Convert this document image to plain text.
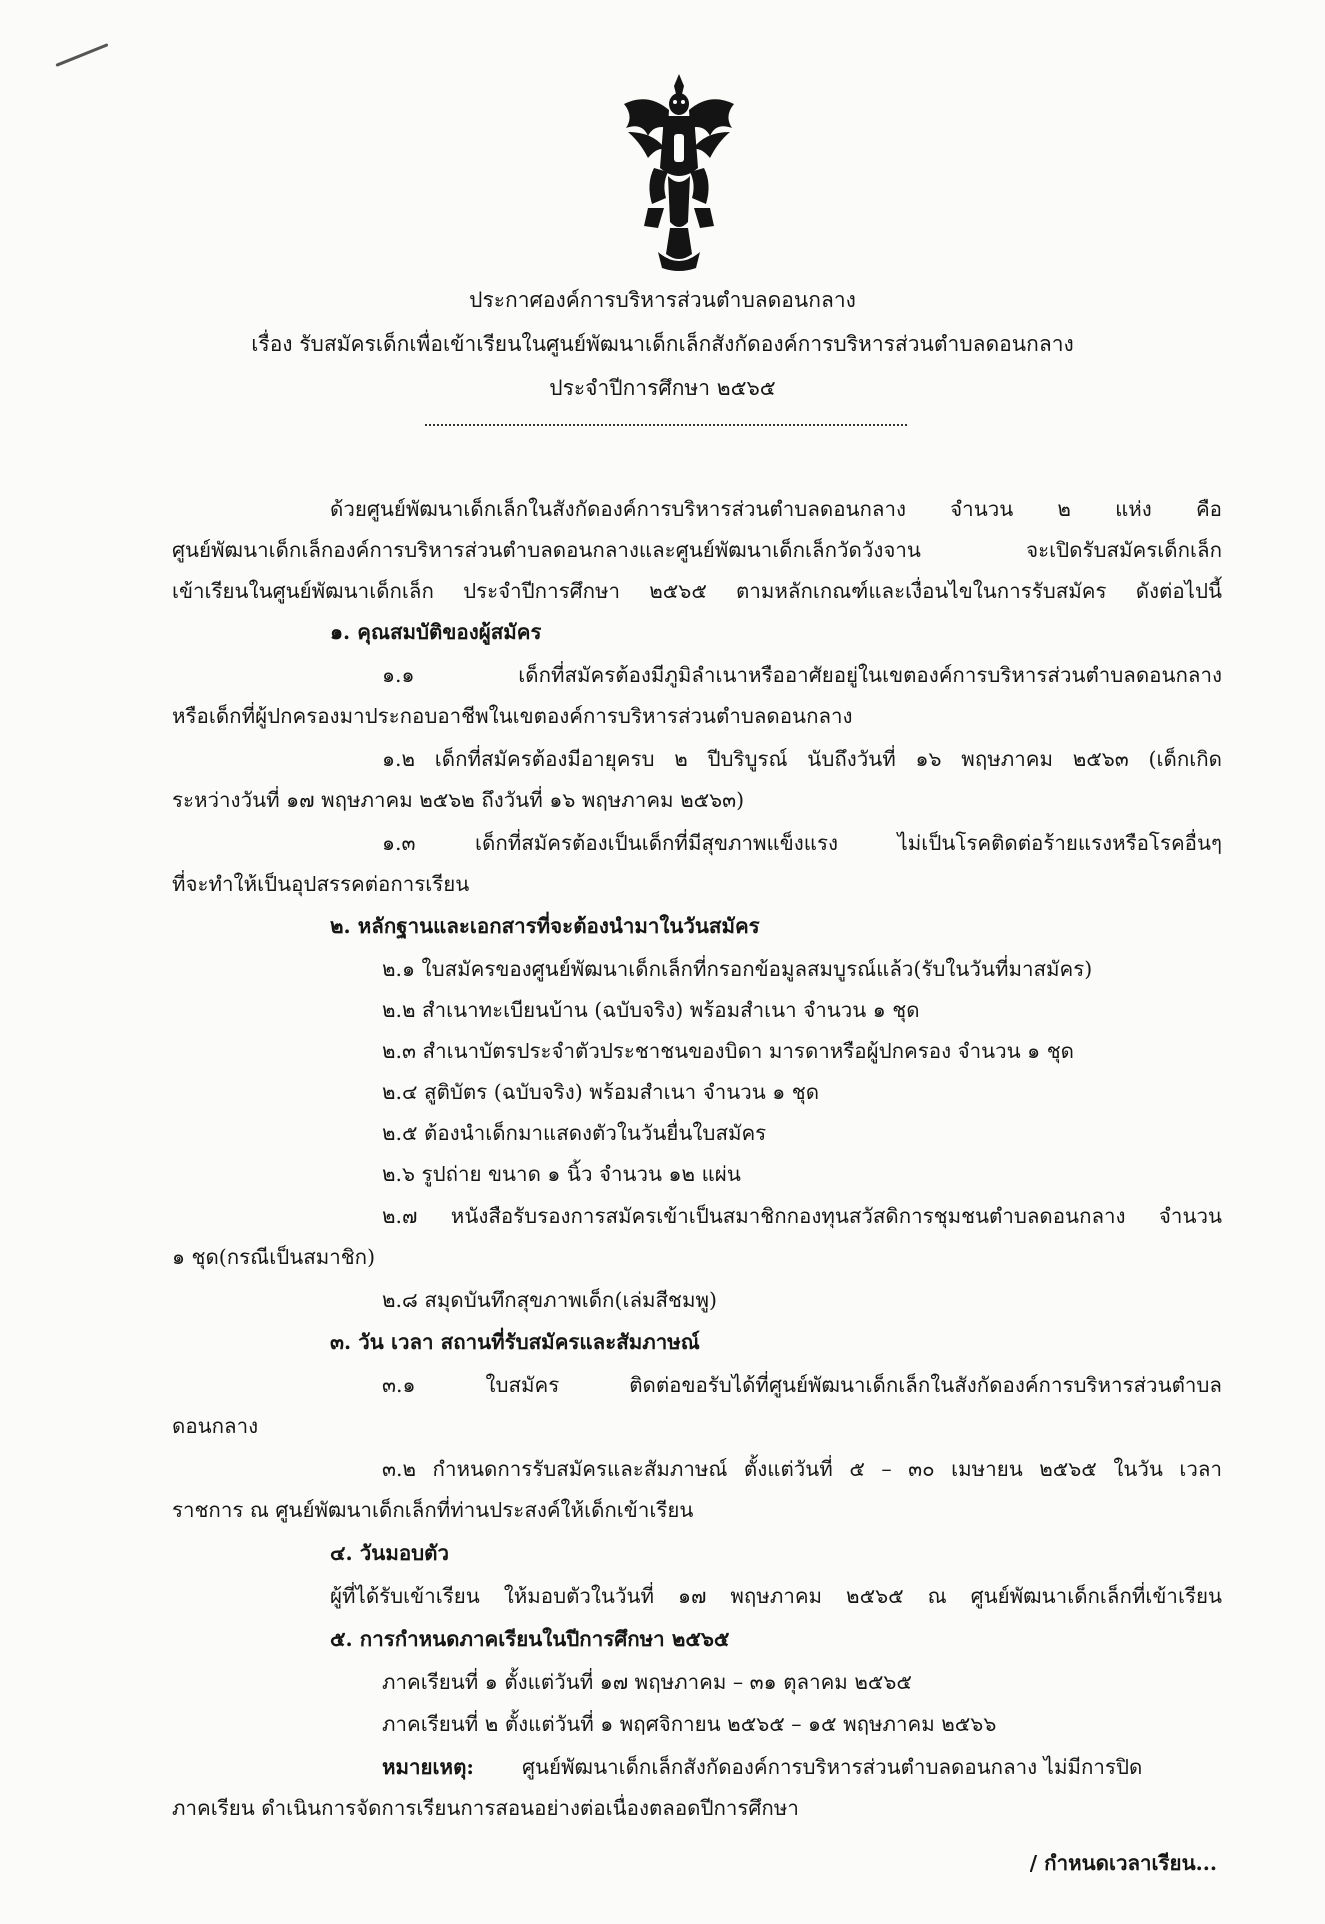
ประกาศองค์การบริหารส่วนตำบลดอนกลาง
เรื่อง รับสมัครเด็กเพื่อเข้าเรียนในศูนย์พัฒนาเด็กเล็กสังกัดองค์การบริหารส่วนตำบลดอนกลาง
ประจำปีการศึกษา ๒๕๖๕
ด้วยศูนย์พัฒนาเด็กเล็กในสังกัดองค์การบริหารส่วนตำบลดอนกลาง จำนวน ๒ แห่ง คือ
ศูนย์พัฒนาเด็กเล็กองค์การบริหารส่วนตำบลดอนกลางและศูนย์พัฒนาเด็กเล็กวัดวังจาน จะเปิดรับสมัครเด็กเล็ก
เข้าเรียนในศูนย์พัฒนาเด็กเล็ก ประจำปีการศึกษา ๒๕๖๕ ตามหลักเกณฑ์และเงื่อนไขในการรับสมัคร ดังต่อไปนี้
๑. คุณสมบัติของผู้สมัคร
๑.๑ เด็กที่สมัครต้องมีภูมิลำเนาหรืออาศัยอยู่ในเขตองค์การบริหารส่วนตำบลดอนกลาง
หรือเด็กที่ผู้ปกครองมาประกอบอาชีพในเขตองค์การบริหารส่วนตำบลดอนกลาง
๑.๒ เด็กที่สมัครต้องมีอายุครบ ๒ ปีบริบูรณ์ นับถึงวันที่ ๑๖ พฤษภาคม ๒๕๖๓ (เด็กเกิด
ระหว่างวันที่ ๑๗ พฤษภาคม ๒๕๖๒ ถึงวันที่ ๑๖ พฤษภาคม ๒๕๖๓)
๑.๓ เด็กที่สมัครต้องเป็นเด็กที่มีสุขภาพแข็งแรง ไม่เป็นโรคติดต่อร้ายแรงหรือโรคอื่นๆ
ที่จะทำให้เป็นอุปสรรคต่อการเรียน
๒. หลักฐานและเอกสารที่จะต้องนำมาในวันสมัคร
๒.๑ ใบสมัครของศูนย์พัฒนาเด็กเล็กที่กรอกข้อมูลสมบูรณ์แล้ว(รับในวันที่มาสมัคร)
๒.๒ สำเนาทะเบียนบ้าน (ฉบับจริง) พร้อมสำเนา จำนวน ๑ ชุด
๒.๓ สำเนาบัตรประจำตัวประชาชนของบิดา มารดาหรือผู้ปกครอง จำนวน ๑ ชุด
๒.๔ สูติบัตร (ฉบับจริง) พร้อมสำเนา จำนวน ๑ ชุด
๒.๕ ต้องนำเด็กมาแสดงตัวในวันยื่นใบสมัคร
๒.๖ รูปถ่าย ขนาด ๑ นิ้ว จำนวน ๑๒ แผ่น
๒.๗ หนังสือรับรองการสมัครเข้าเป็นสมาชิกกองทุนสวัสดิการชุมชนตำบลดอนกลาง จำนวน
๑ ชุด(กรณีเป็นสมาชิก)
๒.๘ สมุดบันทึกสุขภาพเด็ก(เล่มสีชมพู)
๓. วัน เวลา สถานที่รับสมัครและสัมภาษณ์
๓.๑ ใบสมัคร ติดต่อขอรับได้ที่ศูนย์พัฒนาเด็กเล็กในสังกัดองค์การบริหารส่วนตำบล
ดอนกลาง
๓.๒ กำหนดการรับสมัครและสัมภาษณ์ ตั้งแต่วันที่ ๕ – ๓๐ เมษายน ๒๕๖๕ ในวัน เวลา
ราชการ ณ ศูนย์พัฒนาเด็กเล็กที่ท่านประสงค์ให้เด็กเข้าเรียน
๔. วันมอบตัว
ผู้ที่ได้รับเข้าเรียน ให้มอบตัวในวันที่ ๑๗ พฤษภาคม ๒๕๖๕ ณ ศูนย์พัฒนาเด็กเล็กที่เข้าเรียน
๕. การกำหนดภาคเรียนในปีการศึกษา ๒๕๖๕
ภาคเรียนที่ ๑ ตั้งแต่วันที่ ๑๗ พฤษภาคม – ๓๑ ตุลาคม ๒๕๖๕
ภาคเรียนที่ ๒ ตั้งแต่วันที่ ๑ พฤศจิกายน ๒๕๖๕ – ๑๕ พฤษภาคม ๒๕๖๖
หมายเหตุ: ศูนย์พัฒนาเด็กเล็กสังกัดองค์การบริหารส่วนตำบลดอนกลาง ไม่มีการปิด
ภาคเรียน ดำเนินการจัดการเรียนการสอนอย่างต่อเนื่องตลอดปีการศึกษา
/ กำหนดเวลาเรียน...
